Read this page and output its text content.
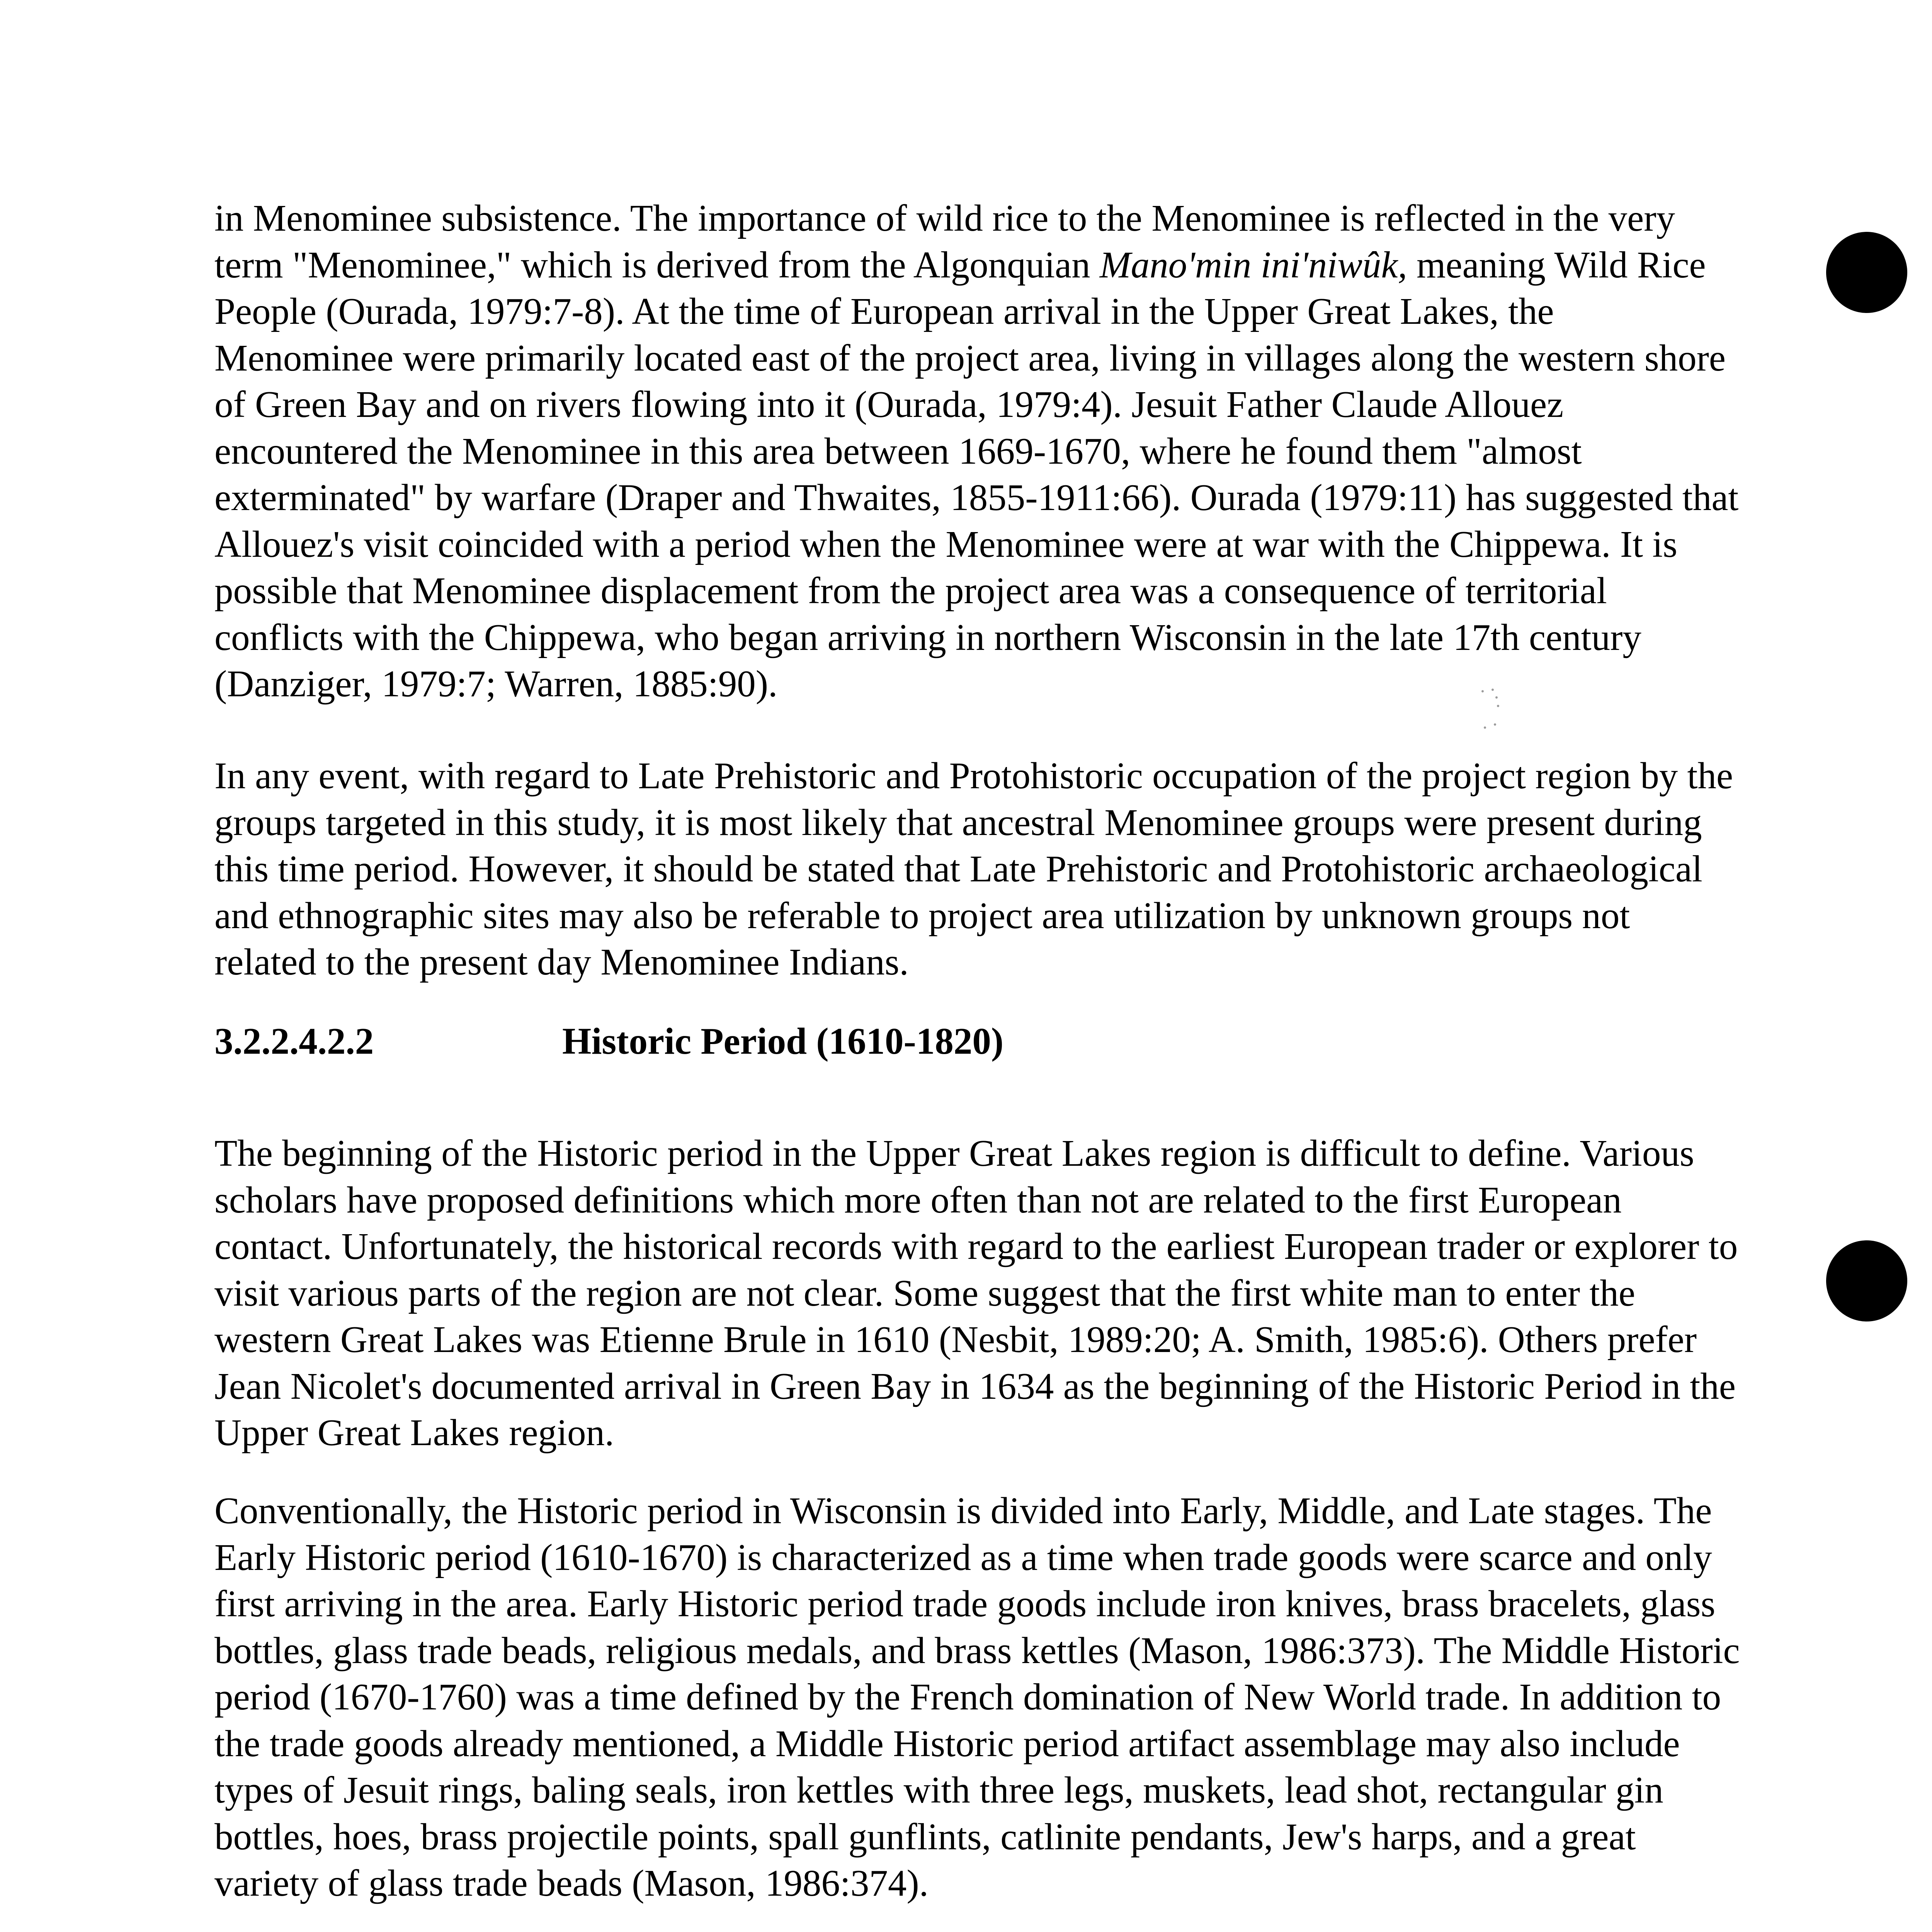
in Menominee subsistence. The importance of wild rice to the Menominee is reflected in the very term "Menominee," which is derived from the Algonquian Mano'min ini'niwûk, meaning Wild Rice People (Ourada, 1979:7-8). At the time of European arrival in the Upper Great Lakes, the Menominee were primarily located east of the project area, living in villages along the western shore of Green Bay and on rivers flowing into it (Ourada, 1979:4). Jesuit Father Claude Allouez encountered the Menominee in this area between 1669-1670, where he found them "almost exterminated" by warfare (Draper and Thwaites, 1855-1911:66). Ourada (1979:11) has suggested that Allouez's visit coincided with a period when the Menominee were at war with the Chippewa. It is possible that Menominee displacement from the project area was a consequence of territorial conflicts with the Chippewa, who began arriving in northern Wisconsin in the late 17th century (Danziger, 1979:7; Warren, 1885:90).

In any event, with regard to Late Prehistoric and Protohistoric occupation of the project region by the groups targeted in this study, it is most likely that ancestral Menominee groups were present during this time period. However, it should be stated that Late Prehistoric and Protohistoric archaeological and ethnographic sites may also be referable to project area utilization by unknown groups not related to the present day Menominee Indians.

3.2.2.4.2.2	Historic Period (1610-1820)

The beginning of the Historic period in the Upper Great Lakes region is difficult to define. Various scholars have proposed definitions which more often than not are related to the first European contact. Unfortunately, the historical records with regard to the earliest European trader or explorer to visit various parts of the region are not clear. Some suggest that the first white man to enter the western Great Lakes was Etienne Brule in 1610 (Nesbit, 1989:20; A. Smith, 1985:6). Others prefer Jean Nicolet's documented arrival in Green Bay in 1634 as the beginning of the Historic Period in the Upper Great Lakes region.

Conventionally, the Historic period in Wisconsin is divided into Early, Middle, and Late stages. The Early Historic period (1610-1670) is characterized as a time when trade goods were scarce and only first arriving in the area. Early Historic period trade goods include iron knives, brass bracelets, glass bottles, glass trade beads, religious medals, and brass kettles (Mason, 1986:373). The Middle Historic period (1670-1760) was a time defined by the French domination of New World trade. In addition to the trade goods already mentioned, a Middle Historic period artifact assemblage may also include types of Jesuit rings, baling seals, iron kettles with three legs, muskets, lead shot, rectangular gin bottles, hoes, brass projectile points, spall gunflints, catlinite pendants, Jew's harps, and a great variety of glass trade beads (Mason, 1986:374).
